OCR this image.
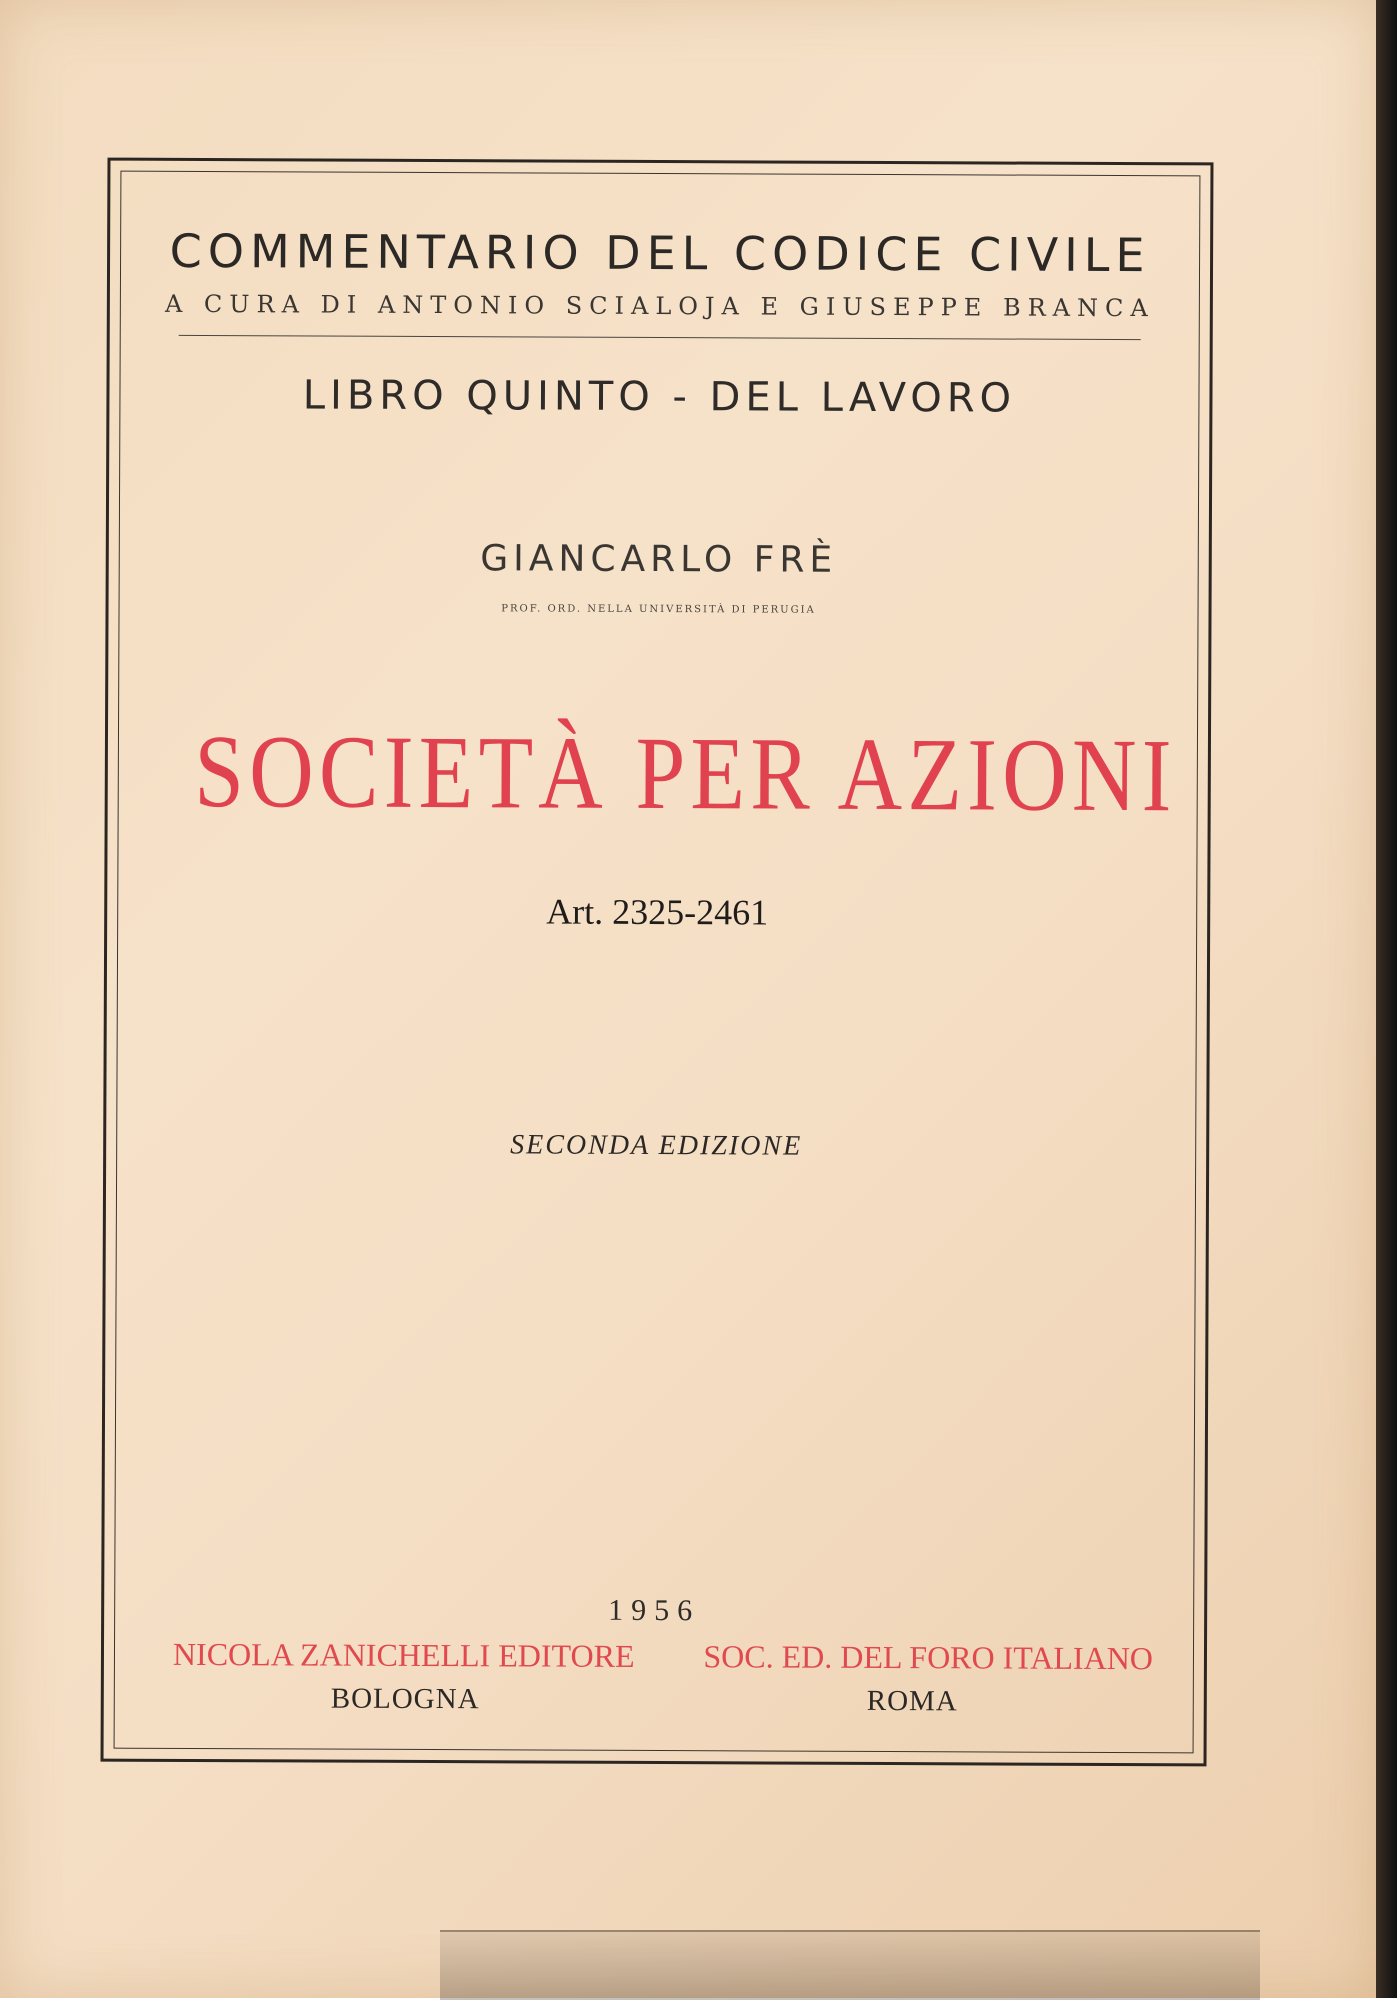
COMMENTARIO DEL CODICE CIVILE
A CURA DI ANTONIO SCIALOJA E GIUSEPPE BRANCA
LIBRO QUINTO - DEL LAVORO
GIANCARLO FRÈ
PROF. ORD. NELLA UNIVERSITÀ DI PERUGIA
SOCIETÀ PER AZIONI
Art. 2325-2461
SECONDA EDIZIONE
1956
NICOLA ZANICHELLI EDITORE SOC. ED. DEL FORO ITALIANO
BOLOGNA	ROMA
